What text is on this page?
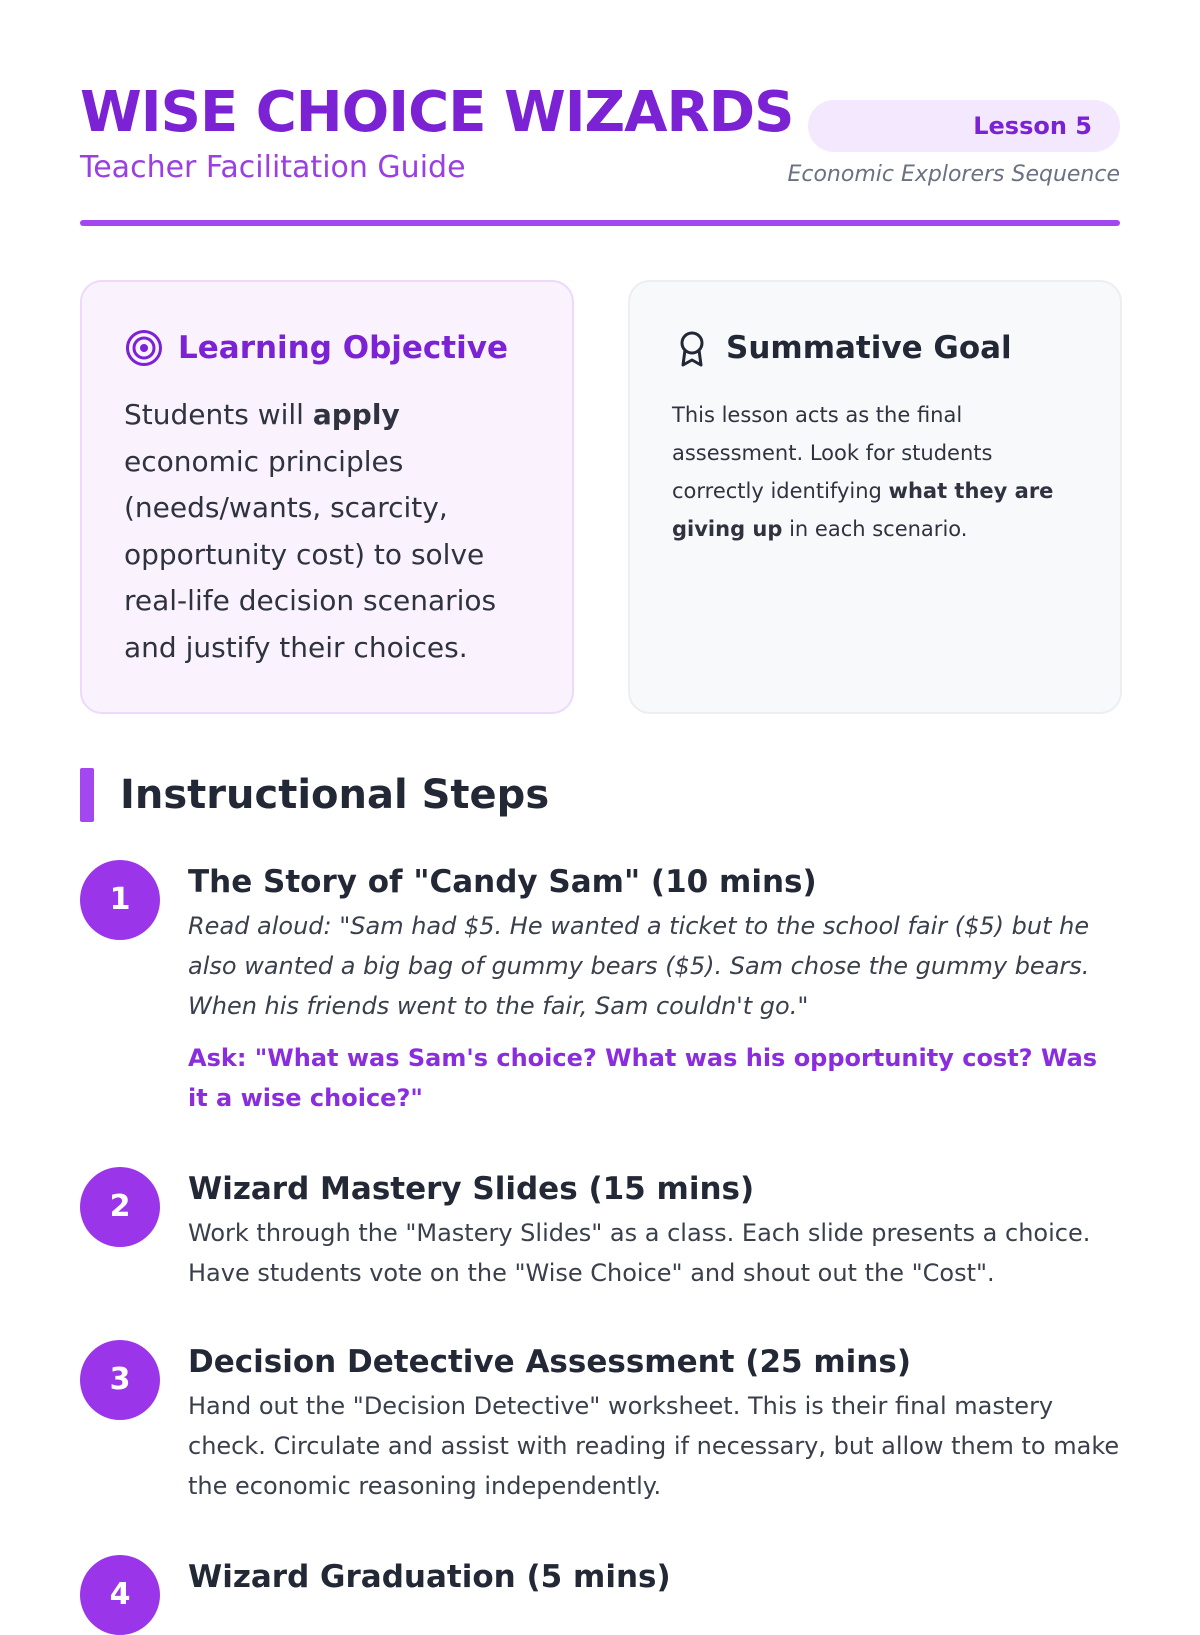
WISE CHOICE WIZARDS
Teacher Facilitation Guide
Lesson 5
Economic Explorers Sequence
Learning Objective
Students will apply economic principles (needs/wants, scarcity, opportunity cost) to solve real-life decision scenarios and justify their choices.
Summative Goal
This lesson acts as the final assessment. Look for students correctly identifying what they are giving up in each scenario.
Instructional Steps
1	The Story of "Candy Sam" (10 mins)
Read aloud: "Sam had $5. He wanted a ticket to the school fair ($5) but he also wanted a big bag of gummy bears ($5). Sam chose the gummy bears. When his friends went to the fair, Sam couldn't go."
Ask: "What was Sam's choice? What was his opportunity cost? Was it a wise choice?"
2	Wizard Mastery Slides (15 mins)
Work through the "Mastery Slides" as a class. Each slide presents a choice. Have students vote on the "Wise Choice" and shout out the "Cost".
3	Decision Detective Assessment (25 mins)
Hand out the "Decision Detective" worksheet. This is their final mastery check. Circulate and assist with reading if necessary, but allow them to make the economic reasoning independently.
4	Wizard Graduation (5 mins)
